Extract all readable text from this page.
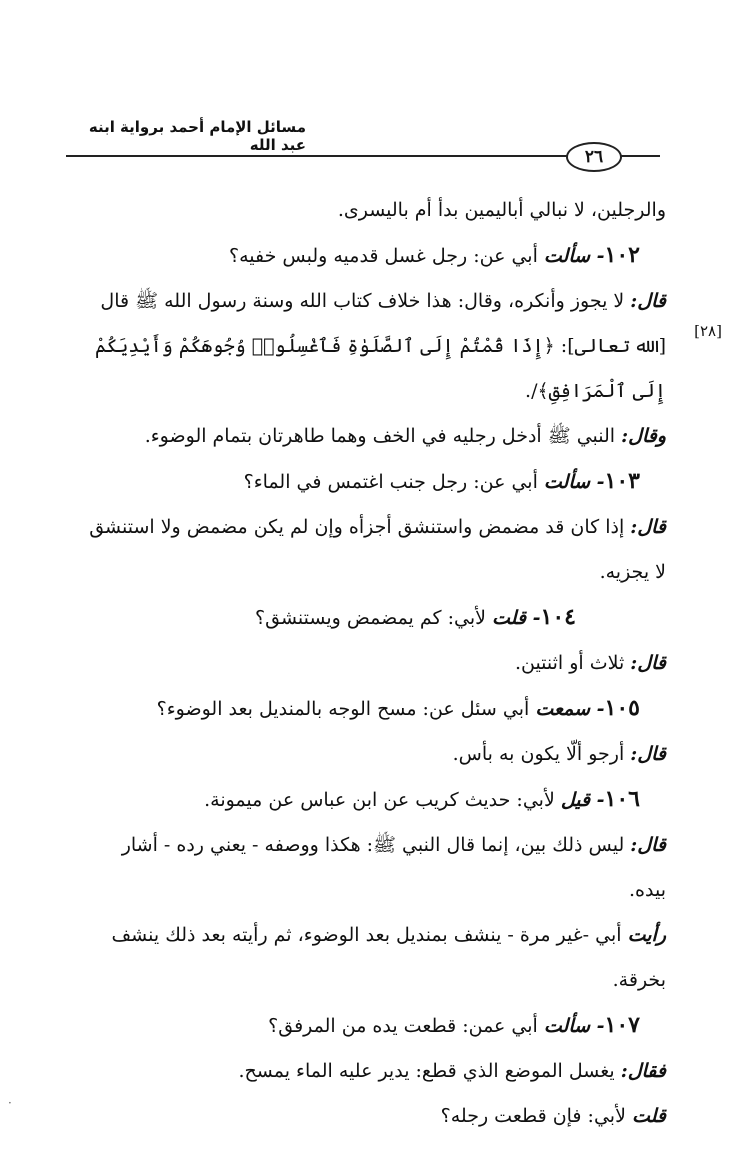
مسائل الإمام أحمد برواية ابنه عبد الله
٢٦
[٢٨]

والرجلين، لا نبالي أباليمين بدأ أم باليسرى.

١٠٢- سألت أبي عن: رجل غسل قدميه ولبس خفيه؟

قال: لا يجوز وأنكره، وقال: هذا خلاف كتاب الله وسنة رسول الله ﷺ قال

[الله تعالى]: ﴿إِذَا قُمْتُمْ إِلَى ٱلصَّلَوٰةِ فَٱغْسِلُوا۟ وُجُوهَكُمْ وَأَيْدِيَكُمْ إِلَى ٱلْمَرَافِقِ﴾/.

وقال: النبي ﷺ أدخل رجليه في الخف وهما طاهرتان بتمام الوضوء.

١٠٣- سألت أبي عن: رجل جنب اغتمس في الماء؟

قال: إذا كان قد مضمض واستنشق أجزأه وإن لم يكن مضمض ولا استنشق

لا يجزيه.

١٠٤- قلت لأبي: كم يمضمض ويستنشق؟

قال: ثلاث أو اثنتين.

١٠٥- سمعت أبي سئل عن: مسح الوجه بالمنديل بعد الوضوء؟

قال: أرجو ألّا يكون به بأس.

١٠٦- قيل لأبي: حديث كريب عن ابن عباس عن ميمونة.

قال: ليس ذلك بين، إنما قال النبي ﷺ: هكذا ووصفه - يعني رده - أشار

بيده.

رأيت أبي -غير مرة - ينشف بمنديل بعد الوضوء، ثم رأيته بعد ذلك ينشف

بخرقة.

١٠٧- سألت أبي عمن: قطعت يده من المرفق؟

فقال: يغسل الموضع الذي قطع: يدير عليه الماء يمسح.

قلت لأبي: فإن قطعت رجله؟

·
